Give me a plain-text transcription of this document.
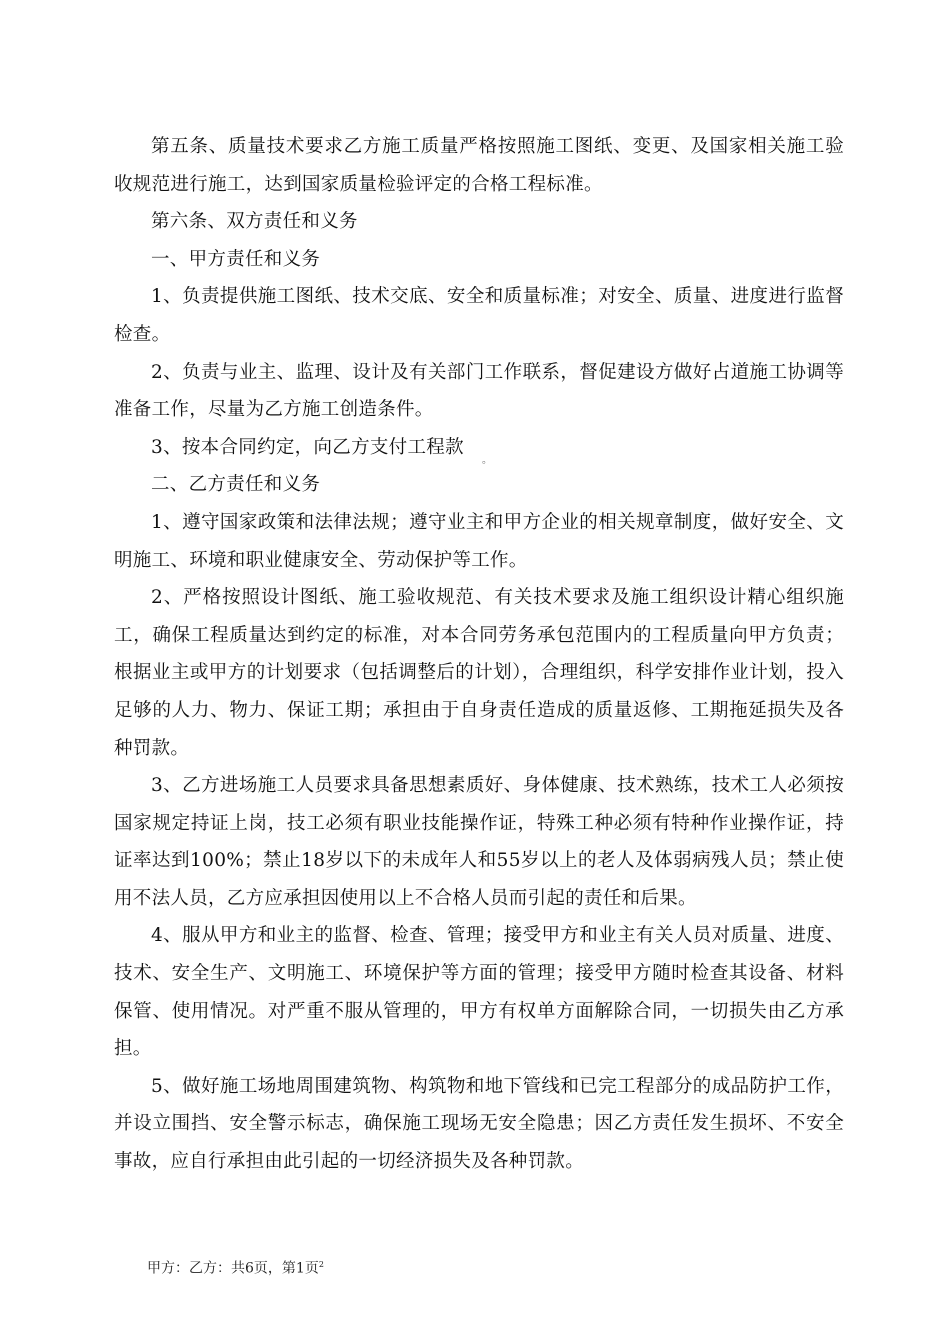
第五条、质量技术要求乙方施工质量严格按照施工图纸、变更、及国家相关施工验收规范进行施工，达到国家质量检验评定的合格工程标准。

第六条、双方责任和义务

一、甲方责任和义务

1、负责提供施工图纸、技术交底、安全和质量标准；对安全、质量、进度进行监督检查。

2、负责与业主、监理、设计及有关部门工作联系，督促建设方做好占道施工协调等准备工作，尽量为乙方施工创造条件。

3、按本合同约定，向乙方支付工程款

二、乙方责任和义务

1、遵守国家政策和法律法规；遵守业主和甲方企业的相关规章制度，做好安全、文明施工、环境和职业健康安全、劳动保护等工作。

2、严格按照设计图纸、施工验收规范、有关技术要求及施工组织设计精心组织施工，确保工程质量达到约定的标准，对本合同劳务承包范围内的工程质量向甲方负责；根据业主或甲方的计划要求（包括调整后的计划），合理组织，科学安排作业计划，投入足够的人力、物力、保证工期；承担由于自身责任造成的质量返修、工期拖延损失及各种罚款。

3、乙方进场施工人员要求具备思想素质好、身体健康、技术熟练，技术工人必须按国家规定持证上岗，技工必须有职业技能操作证，特殊工种必须有特种作业操作证，持证率达到100%；禁止18岁以下的未成年人和55岁以上的老人及体弱病残人员；禁止使用不法人员，乙方应承担因使用以上不合格人员而引起的责任和后果。

4、服从甲方和业主的监督、检查、管理；接受甲方和业主有关人员对质量、进度、技术、安全生产、文明施工、环境保护等方面的管理；接受甲方随时检查其设备、材料保管、使用情况。对严重不服从管理的，甲方有权单方面解除合同，一切损失由乙方承担。

5、做好施工场地周围建筑物、构筑物和地下管线和已完工程部分的成品防护工作，并设立围挡、安全警示标志，确保施工现场无安全隐患；因乙方责任发生损坏、不安全事故，应自行承担由此引起的一切经济损失及各种罚款。

。
甲方：乙方：共6页，第1页$^2$
